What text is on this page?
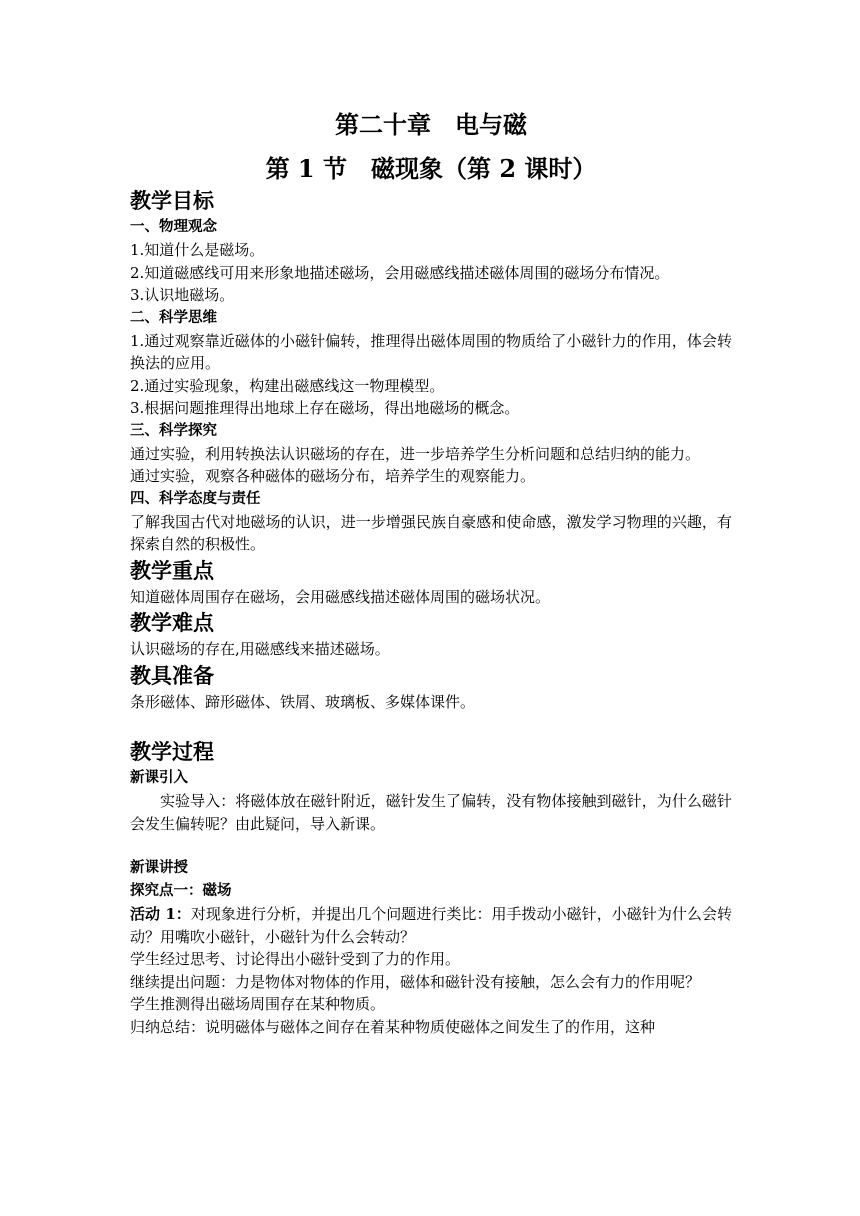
第二十章　电与磁
第 1 节　磁现象（第 2 课时）
教学目标
一、物理观念
1.知道什么是磁场。
2.知道磁感线可用来形象地描述磁场，会用磁感线描述磁体周围的磁场分布情况。
3.认识地磁场。
二、科学思维
1.通过观察靠近磁体的小磁针偏转，推理得出磁体周围的物质给了小磁针力的作用，体会转换法的应用。
2.通过实验现象，构建出磁感线这一物理模型。
3.根据问题推理得出地球上存在磁场，得出地磁场的概念。
三、科学探究
通过实验，利用转换法认识磁场的存在，进一步培养学生分析问题和总结归纳的能力。
通过实验，观察各种磁体的磁场分布，培养学生的观察能力。
四、科学态度与责任
了解我国古代对地磁场的认识，进一步增强民族自豪感和使命感，激发学习物理的兴趣，有探索自然的积极性。
教学重点
知道磁体周围存在磁场，会用磁感线描述磁体周围的磁场状况。
教学难点
认识磁场的存在,用磁感线来描述磁场。
教具准备
条形磁体、蹄形磁体、铁屑、玻璃板、多媒体课件。
教学过程
新课引入
实验导入：将磁体放在磁针附近，磁针发生了偏转，没有物体接触到磁针，为什么磁针会发生偏转呢？由此疑问，导入新课。
新课讲授
探究点一：磁场
活动 1：对现象进行分析，并提出几个问题进行类比：用手拨动小磁针，小磁针为什么会转动？用嘴吹小磁针，小磁针为什么会转动？
学生经过思考、讨论得出小磁针受到了力的作用。
继续提出问题：力是物体对物体的作用，磁体和磁针没有接触，怎么会有力的作用呢？
学生推测得出磁场周围存在某种物质。
归纳总结：说明磁体与磁体之间存在着某种物质使磁体之间发生了的作用，这种
